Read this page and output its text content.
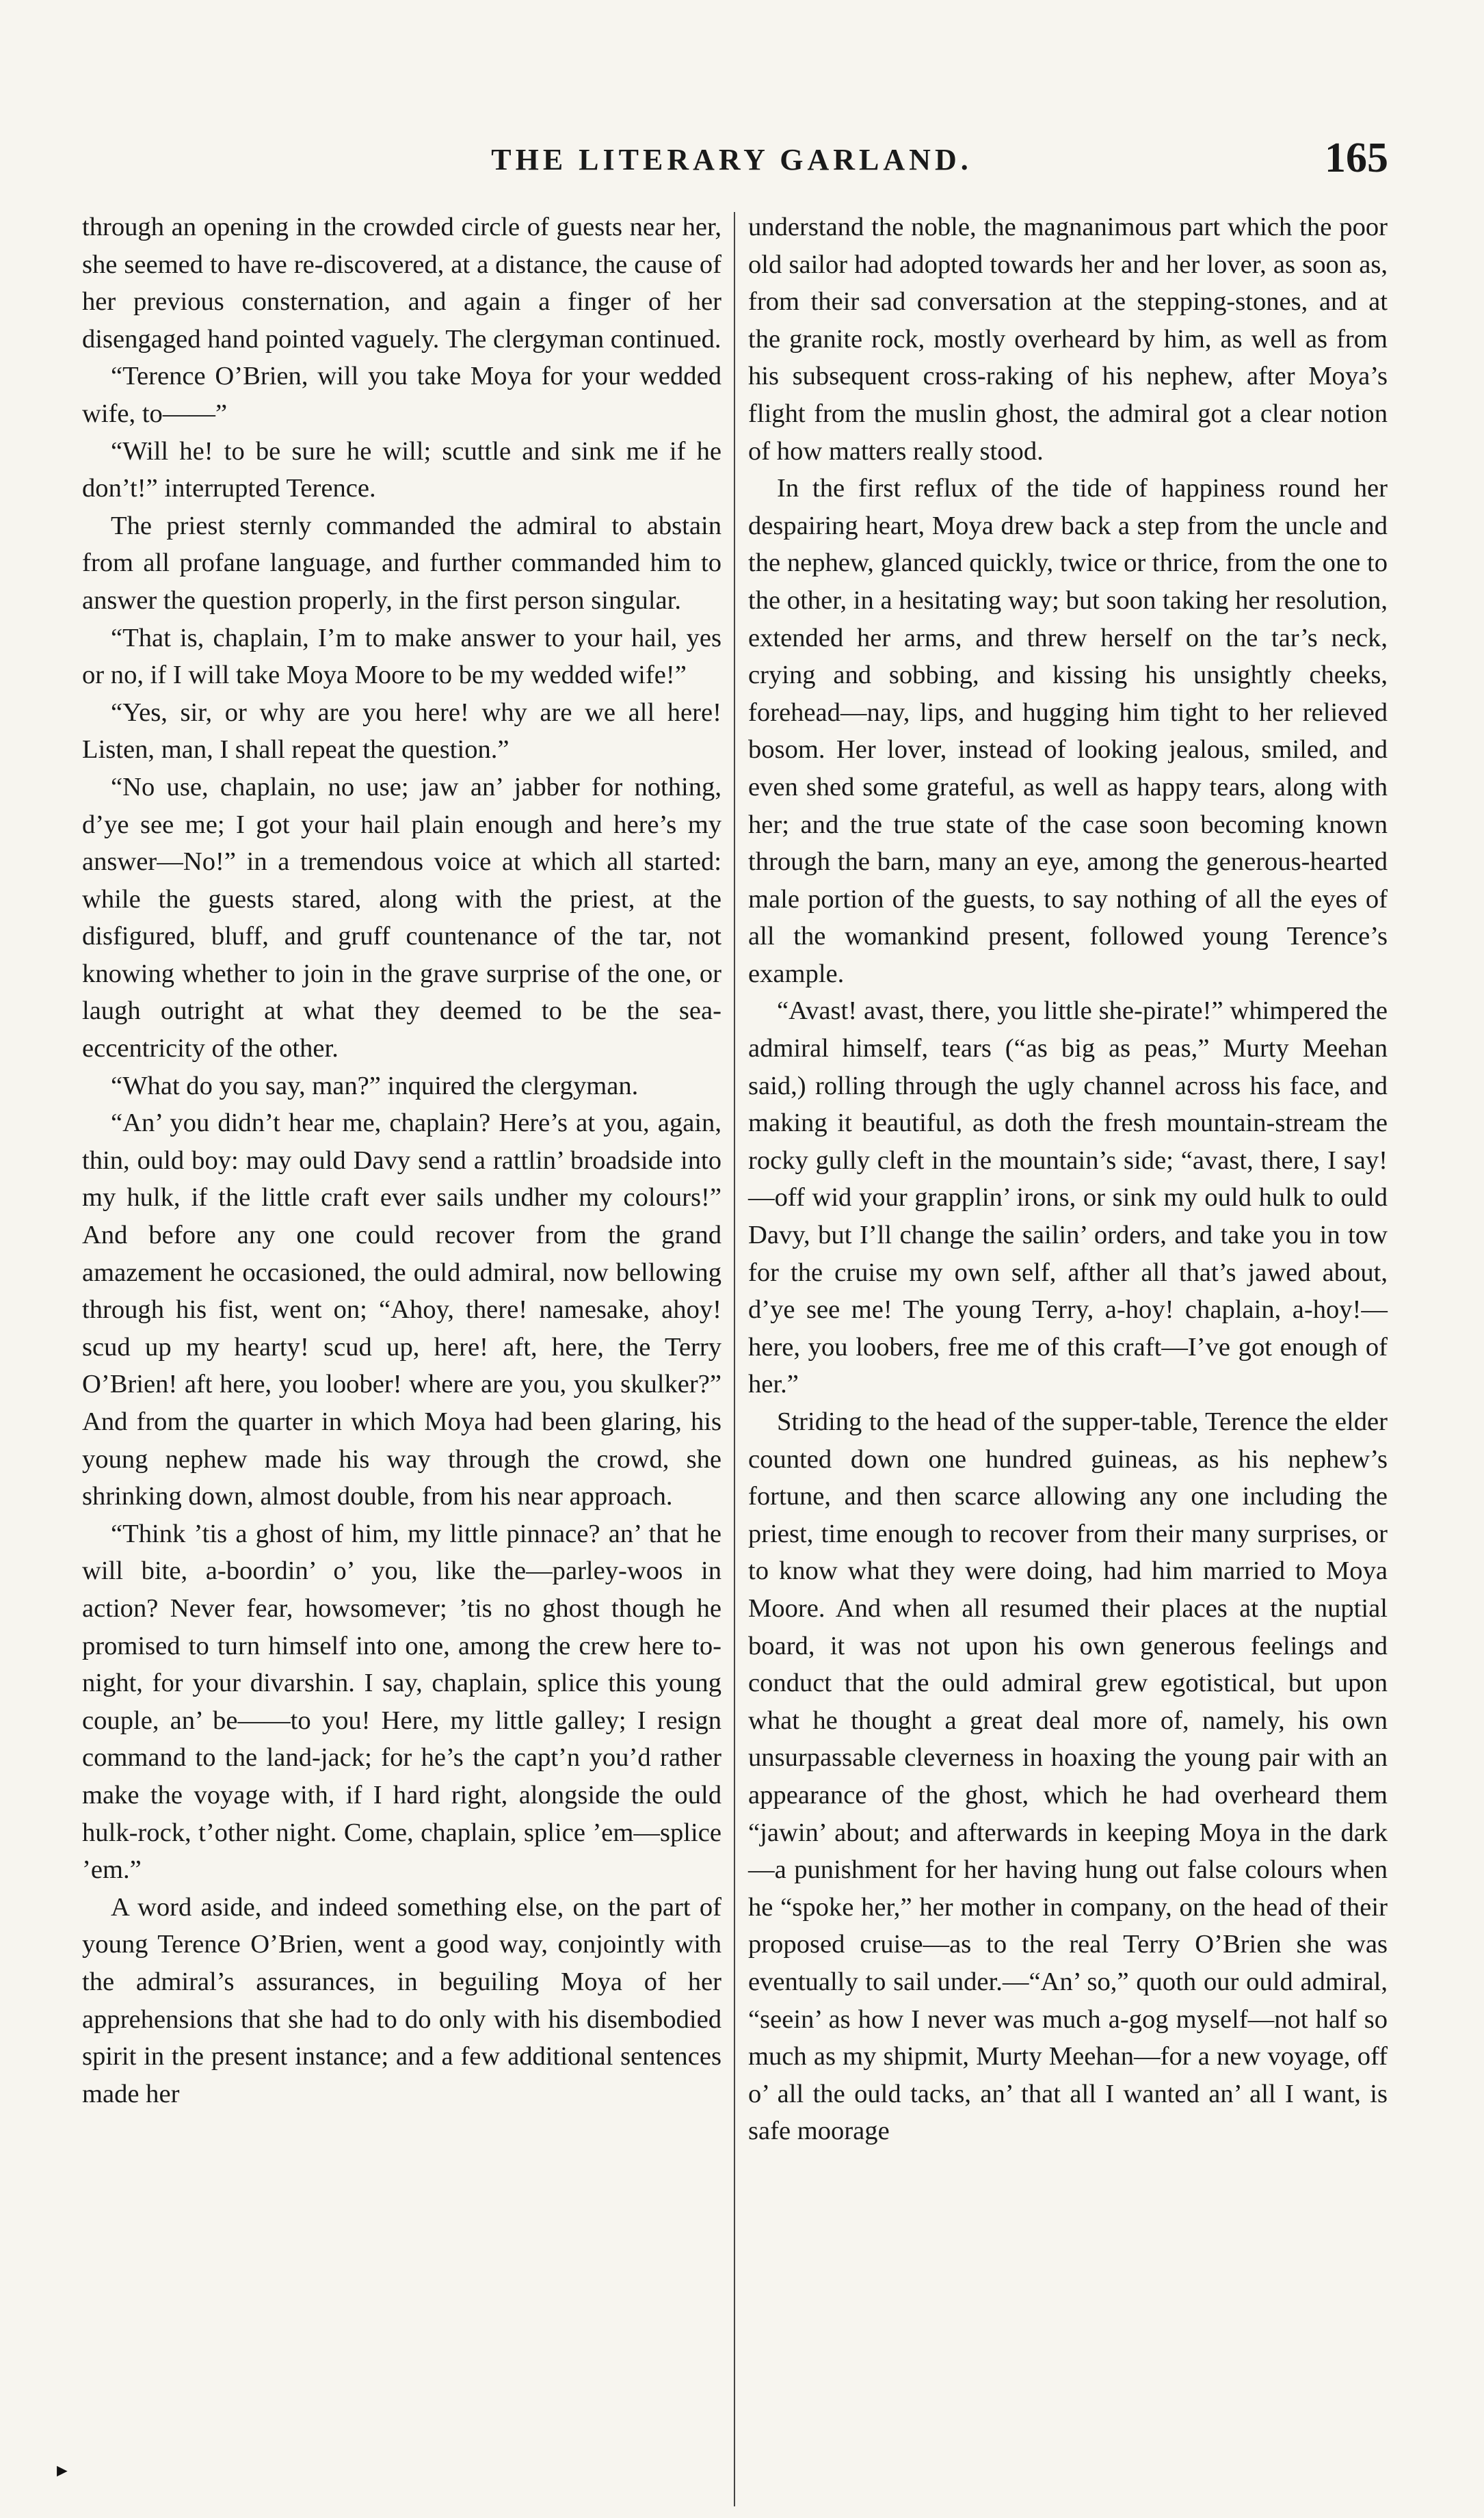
THE LITERARY GARLAND.	165

through an opening in the crowded circle of guests near her, she seemed to have re-discovered, at a distance, the cause of her previous consternation, and again a finger of her disengaged hand pointed vaguely. The clergyman continued.

“Terence O’Brien, will you take Moya for your wedded wife, to——”

“Will he! to be sure he will; scuttle and sink me if he don’t!” interrupted Terence.

The priest sternly commanded the admiral to abstain from all profane language, and further commanded him to answer the question properly, in the first person singular.

“That is, chaplain, I’m to make answer to your hail, yes or no, if I will take Moya Moore to be my wedded wife!”

“Yes, sir, or why are you here! why are we all here! Listen, man, I shall repeat the question.”

“No use, chaplain, no use; jaw an’ jabber for nothing, d’ye see me; I got your hail plain enough and here’s my answer—No!” in a tremendous voice at which all started: while the guests stared, along with the priest, at the disfigured, bluff, and gruff countenance of the tar, not knowing whether to join in the grave surprise of the one, or laugh outright at what they deemed to be the sea-eccentricity of the other.

“What do you say, man?” inquired the clergyman.

“An’ you didn’t hear me, chaplain? Here’s at you, again, thin, ould boy: may ould Davy send a rattlin’ broadside into my hulk, if the little craft ever sails undher my colours!” And before any one could recover from the grand amazement he occasioned, the ould admiral, now bellowing through his fist, went on; “Ahoy, there! namesake, ahoy! scud up my hearty! scud up, here! aft, here, the Terry O’Brien! aft here, you loober! where are you, you skulker?” And from the quarter in which Moya had been glaring, his young nephew made his way through the crowd, she shrinking down, almost double, from his near approach.

“Think ’tis a ghost of him, my little pinnace? an’ that he will bite, a-boordin’ o’ you, like the—parley-woos in action? Never fear, howsomever; ’tis no ghost though he promised to turn himself into one, among the crew here to-night, for your divarshin. I say, chaplain, splice this young couple, an’ be——to you! Here, my little galley; I resign command to the land-jack; for he’s the capt’n you’d rather make the voyage with, if I hard right, alongside the ould hulk-rock, t’other night. Come, chaplain, splice ’em—splice ’em.”

A word aside, and indeed something else, on the part of young Terence O’Brien, went a good way, conjointly with the admiral’s assurances, in beguiling Moya of her apprehensions that she had to do only with his disembodied spirit in the present instance; and a few additional sentences made her

understand the noble, the magnanimous part which the poor old sailor had adopted towards her and her lover, as soon as, from their sad conversation at the stepping-stones, and at the granite rock, mostly overheard by him, as well as from his subsequent cross-raking of his nephew, after Moya’s flight from the muslin ghost, the admiral got a clear notion of how matters really stood.

In the first reflux of the tide of happiness round her despairing heart, Moya drew back a step from the uncle and the nephew, glanced quickly, twice or thrice, from the one to the other, in a hesitating way; but soon taking her resolution, extended her arms, and threw herself on the tar’s neck, crying and sobbing, and kissing his unsightly cheeks, forehead—nay, lips, and hugging him tight to her relieved bosom. Her lover, instead of looking jealous, smiled, and even shed some grateful, as well as happy tears, along with her; and the true state of the case soon becoming known through the barn, many an eye, among the generous-hearted male portion of the guests, to say nothing of all the eyes of all the womankind present, followed young Terence’s example.

“Avast! avast, there, you little she-pirate!” whimpered the admiral himself, tears (“as big as peas,” Murty Meehan said,) rolling through the ugly channel across his face, and making it beautiful, as doth the fresh mountain-stream the rocky gully cleft in the mountain’s side; “avast, there, I say!—off wid your grapplin’ irons, or sink my ould hulk to ould Davy, but I’ll change the sailin’ orders, and take you in tow for the cruise my own self, afther all that’s jawed about, d’ye see me! The young Terry, a-hoy! chaplain, a-hoy!—here, you loobers, free me of this craft—I’ve got enough of her.”

Striding to the head of the supper-table, Terence the elder counted down one hundred guineas, as his nephew’s fortune, and then scarce allowing any one including the priest, time enough to recover from their many surprises, or to know what they were doing, had him married to Moya Moore. And when all resumed their places at the nuptial board, it was not upon his own generous feelings and conduct that the ould admiral grew egotistical, but upon what he thought a great deal more of, namely, his own unsurpassable cleverness in hoaxing the young pair with an appearance of the ghost, which he had overheard them “jawin’ about; and afterwards in keeping Moya in the dark—a punishment for her having hung out false colours when he “spoke her,” her mother in company, on the head of their proposed cruise—as to the real Terry O’Brien she was eventually to sail under.—“An’ so,” quoth our ould admiral, “seein’ as how I never was much a-gog myself—not half so much as my shipmit, Murty Meehan—for a new voyage, off o’ all the ould tacks, an’ that all I wanted an’ all I want, is safe moorage

►
